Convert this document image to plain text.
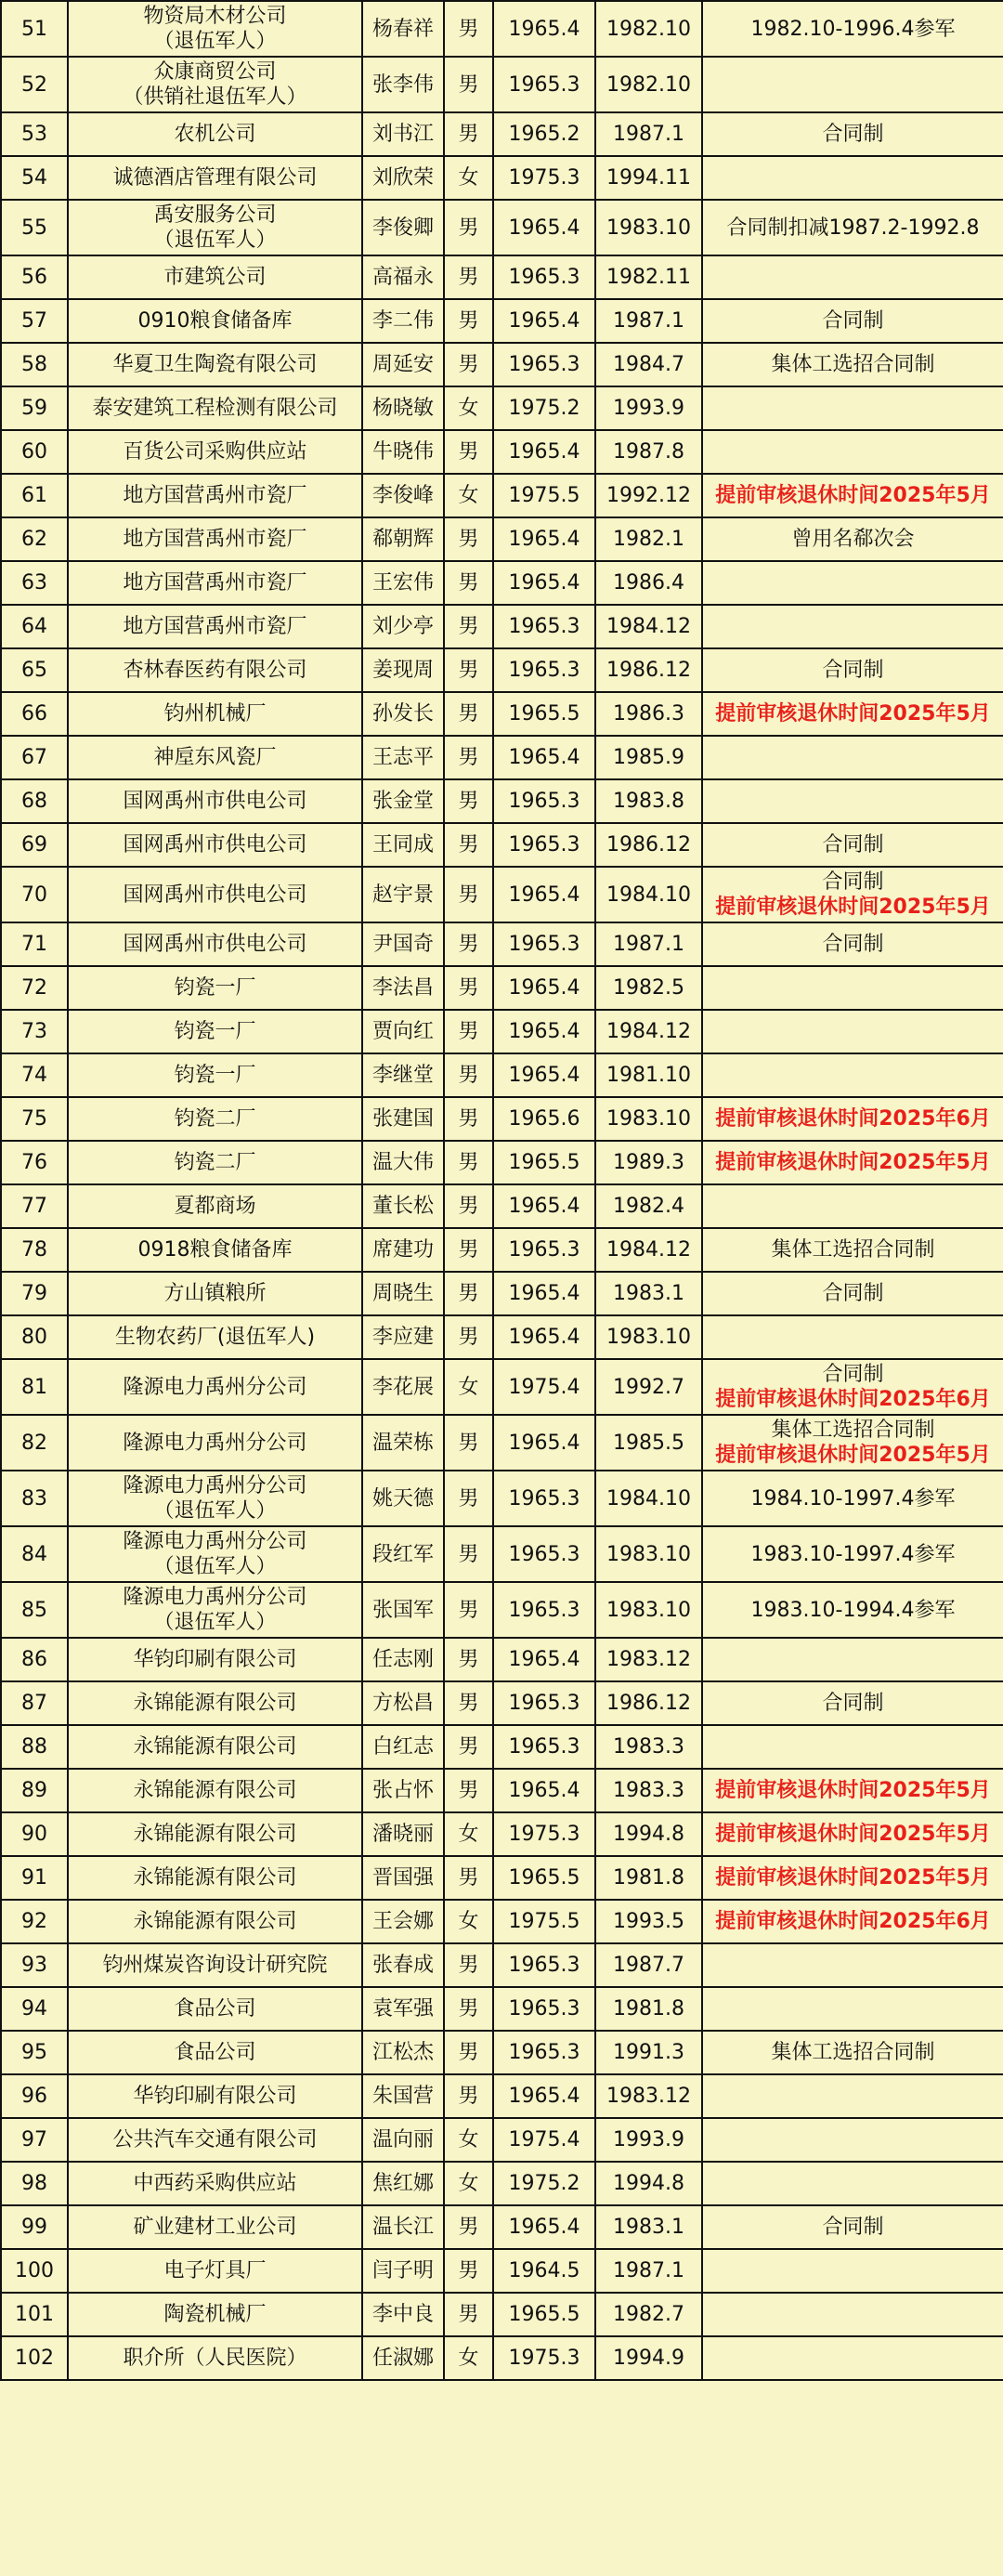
51	物资局木材公司
（退伍军人）	杨春祥	男	1965.4	1982.10	1982.10-1996.4参军

52	众康商贸公司
（供销社退伍军人）	张李伟	男	1965.3	1982.10	
53	农机公司	刘书江	男	1965.2	1987.1	合同制

54	诚德酒店管理有限公司	刘欣荣	女	1975.3	1994.11	
55	禹安服务公司
（退伍军人）	李俊卿	男	1965.4	1983.10	合同制扣减1987.2-1992.8

56	市建筑公司	高福永	男	1965.3	1982.11	
57	0910粮食储备库	李二伟	男	1965.4	1987.1	合同制

58	华夏卫生陶瓷有限公司	周延安	男	1965.3	1984.7	集体工选招合同制

59	泰安建筑工程检测有限公司	杨晓敏	女	1975.2	1993.9	
60	百货公司采购供应站	牛晓伟	男	1965.4	1987.8	
61	地方国营禹州市瓷厂	李俊峰	女	1975.5	1992.12	提前审核退休时间2025年5月

62	地方国营禹州市瓷厂	郗朝辉	男	1965.4	1982.1	曾用名郗次会

63	地方国营禹州市瓷厂	王宏伟	男	1965.4	1986.4	
64	地方国营禹州市瓷厂	刘少亭	男	1965.3	1984.12	
65	杏林春医药有限公司	姜现周	男	1965.3	1986.12	合同制

66	钧州机械厂	孙发长	男	1965.5	1986.3	提前审核退休时间2025年5月

67	神垕东风瓷厂	王志平	男	1965.4	1985.9	
68	国网禹州市供电公司	张金堂	男	1965.3	1983.8	
69	国网禹州市供电公司	王同成	男	1965.3	1986.12	合同制

70	国网禹州市供电公司	赵宇景	男	1965.4	1984.10	合同制
提前审核退休时间2025年5月

71	国网禹州市供电公司	尹国奇	男	1965.3	1987.1	合同制

72	钧瓷一厂	李法昌	男	1965.4	1982.5	
73	钧瓷一厂	贾向红	男	1965.4	1984.12	
74	钧瓷一厂	李继堂	男	1965.4	1981.10	
75	钧瓷二厂	张建国	男	1965.6	1983.10	提前审核退休时间2025年6月

76	钧瓷二厂	温大伟	男	1965.5	1989.3	提前审核退休时间2025年5月

77	夏都商场	董长松	男	1965.4	1982.4	
78	0918粮食储备库	席建功	男	1965.3	1984.12	集体工选招合同制

79	方山镇粮所	周晓生	男	1965.4	1983.1	合同制

80	生物农药厂(退伍军人)	李应建	男	1965.4	1983.10	
81	隆源电力禹州分公司	李花展	女	1975.4	1992.7	合同制
提前审核退休时间2025年6月

82	隆源电力禹州分公司	温荣栋	男	1965.4	1985.5	集体工选招合同制
提前审核退休时间2025年5月

83	隆源电力禹州分公司
（退伍军人）	姚天德	男	1965.3	1984.10	1984.10-1997.4参军

84	隆源电力禹州分公司
（退伍军人）	段红军	男	1965.3	1983.10	1983.10-1997.4参军

85	隆源电力禹州分公司
（退伍军人）	张国军	男	1965.3	1983.10	1983.10-1994.4参军

86	华钧印刷有限公司	任志刚	男	1965.4	1983.12	
87	永锦能源有限公司	方松昌	男	1965.3	1986.12	合同制

88	永锦能源有限公司	白红志	男	1965.3	1983.3	
89	永锦能源有限公司	张占怀	男	1965.4	1983.3	提前审核退休时间2025年5月

90	永锦能源有限公司	潘晓丽	女	1975.3	1994.8	提前审核退休时间2025年5月

91	永锦能源有限公司	晋国强	男	1965.5	1981.8	提前审核退休时间2025年5月

92	永锦能源有限公司	王会娜	女	1975.5	1993.5	提前审核退休时间2025年6月

93	钧州煤炭咨询设计研究院	张春成	男	1965.3	1987.7	
94	食品公司	袁军强	男	1965.3	1981.8	
95	食品公司	江松杰	男	1965.3	1991.3	集体工选招合同制

96	华钧印刷有限公司	朱国营	男	1965.4	1983.12	
97	公共汽车交通有限公司	温向丽	女	1975.4	1993.9	
98	中西药采购供应站	焦红娜	女	1975.2	1994.8	
99	矿业建材工业公司	温长江	男	1965.4	1983.1	合同制

100	电子灯具厂	闫子明	男	1964.5	1987.1	
101	陶瓷机械厂	李中良	男	1965.5	1982.7	
102	职介所（人民医院）	任淑娜	女	1975.3	1994.9	
